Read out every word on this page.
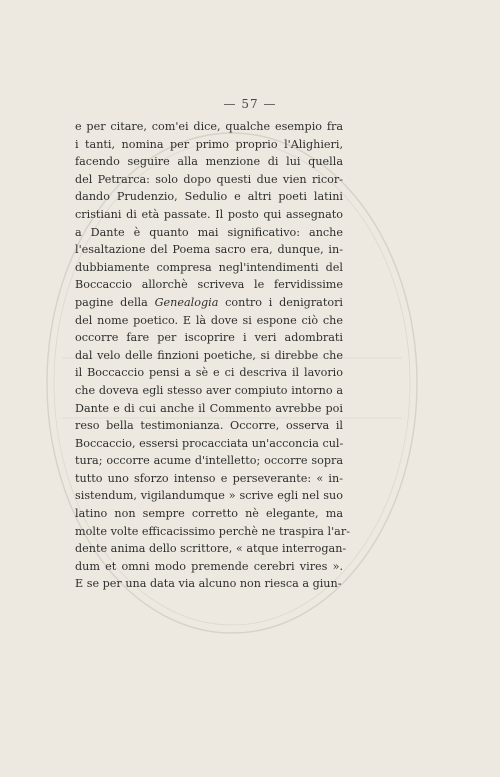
— 57 —
e per citare, com'ei dice, qualche esempio fra
i tanti, nomina per primo proprio l'Alighieri,
facendo seguire alla menzione di lui quella
del Petrarca: solo dopo questi due vien ricor-
dando Prudenzio, Sedulio e altri poeti latini
cristiani di età passate. Il posto qui assegnato
a Dante è quanto mai significativo: anche
l'esaltazione del Poema sacro era, dunque, in-
dubbiamente compresa negl'intendimenti del
Boccaccio allorchè scriveva le fervidissime
pagine della Genealogia contro i denigratori
del nome poetico. E là dove si espone ciò che
occorre fare per iscoprire i veri adombrati
dal velo delle finzioni poetiche, si direbbe che
il Boccaccio pensi a sè e ci descriva il lavorio
che doveva egli stesso aver compiuto intorno a
Dante e di cui anche il Commento avrebbe poi
reso bella testimonianza. Occorre, osserva il
Boccaccio, essersi procacciata un'acconcia cul-
tura; occorre acume d'intelletto; occorre sopra
tutto uno sforzo intenso e perseverante: « in-
sistendum, vigilandumque » scrive egli nel suo
latino non sempre corretto nè elegante, ma
molte volte efficacissimo perchè ne traspira l'ar-
dente anima dello scrittore, « atque interrogan-
dum et omni modo premende cerebri vires ».
E se per una data via alcuno non riesca a giun-
